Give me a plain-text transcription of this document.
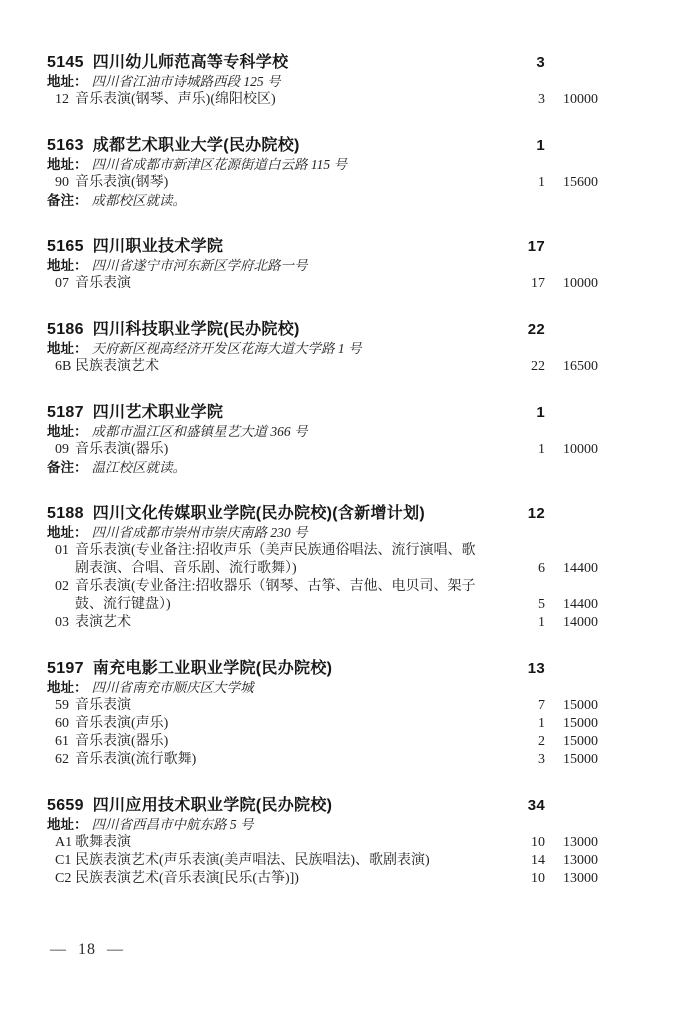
5145 四川幼儿师范高等专科学校	3
地址： 四川省江油市诗城路西段 125 号
12 音乐表演(钢琴、声乐)(绵阳校区)	3	10000
5163 成都艺术职业大学(民办院校)	1
地址： 四川省成都市新津区花源街道白云路 115 号
90 音乐表演(钢琴)	1	15600
备注： 成都校区就读。
5165 四川职业技术学院	17
地址： 四川省遂宁市河东新区学府北路一号
07 音乐表演	17	10000
5186 四川科技职业学院(民办院校)	22
地址： 天府新区视高经济开发区花海大道大学路 1 号
6B 民族表演艺术	22	16500
5187 四川艺术职业学院	1
地址： 成都市温江区和盛镇星艺大道 366 号
09 音乐表演(器乐)	1	10000
备注： 温江校区就读。
5188 四川文化传媒职业学院(民办院校)(含新增计划)	12
地址： 四川省成都市崇州市崇庆南路 230 号
01 音乐表演(专业备注:招收声乐（美声民族通俗唱法、流行演唱、歌
剧表演、合唱、音乐剧、流行歌舞）)	6	14400
02 音乐表演(专业备注:招收器乐（钢琴、古筝、吉他、电贝司、架子
鼓、流行键盘）)	5	14400
03 表演艺术	1	14000
5197 南充电影工业职业学院(民办院校)	13
地址： 四川省南充市顺庆区大学城
59 音乐表演	7	15000
60 音乐表演(声乐)	1	15000
61 音乐表演(器乐)	2	15000
62 音乐表演(流行歌舞)	3	15000
5659 四川应用技术职业学院(民办院校)	34
地址： 四川省西昌市中航东路 5 号
A1 歌舞表演	10	13000
C1 民族表演艺术(声乐表演(美声唱法、民族唱法)、歌剧表演)	14	13000
C2 民族表演艺术(音乐表演[民乐(古筝)])	10	13000
— 18 —
